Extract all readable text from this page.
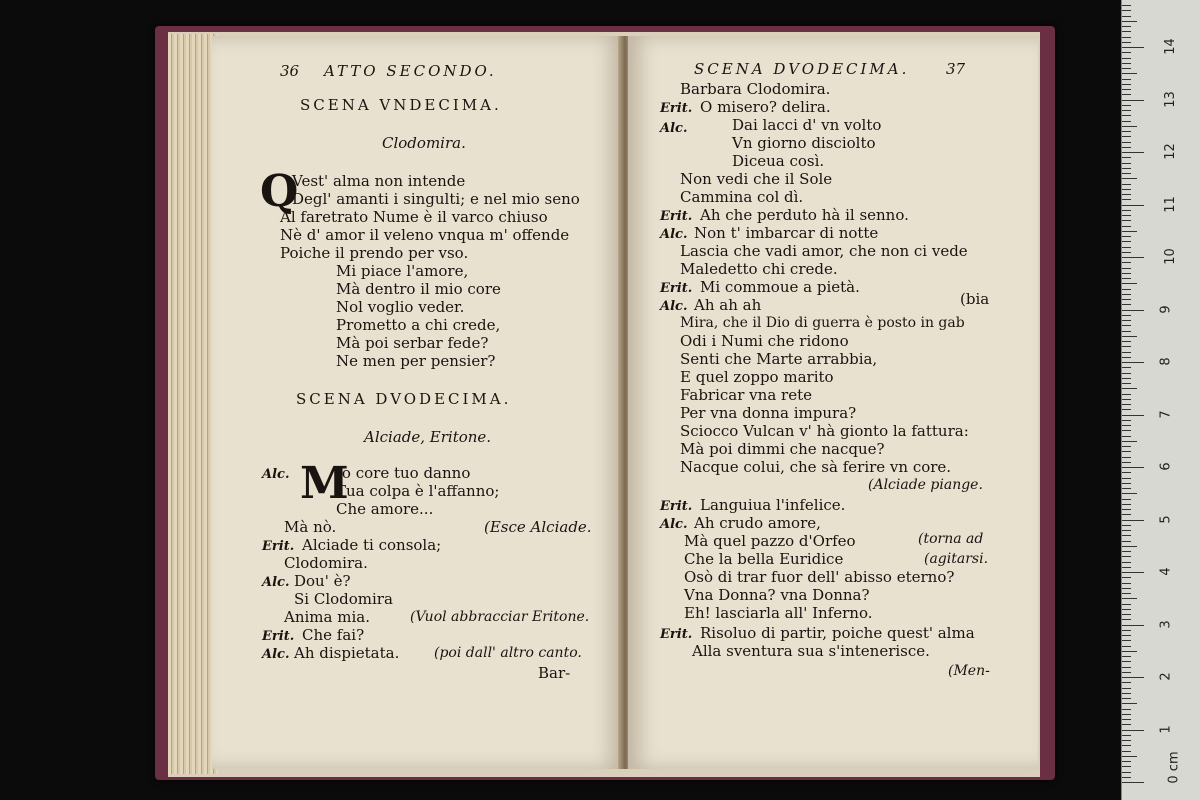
36 ATTO SECONDO.
SCENA VNDECIMA.
Clodomira.
Q
Vest' alma non intende
Degl' amanti i singulti; e nel mio seno
Al faretrato Nume è il varco chiuso
Nè d' amor il veleno vnqua m' offende
Poiche il prendo per vso.
Mi piace l'amore,
Mà dentro il mio core
Nol voglio veder.
Prometto a chi crede,
Mà poi serbar fede?
Ne men per pensier?
SCENA DVODECIMA.
Alciade, Eritone.
Alc. M
Io core tuo danno
Tua colpa è l'affanno;
Che amore...
Mà nò.	(Esce Alciade.
Erit. Alciade ti consola;
Clodomira.
Alc. Dou' è?
Si Clodomira
Anima mia.	(Vuol abbracciar Eritone.
Erit. Che fai?
Alc. Ah dispietata. (poi dall' altro canto.
Bar-
SCENA DVODECIMA. 37
Barbara Clodomira.
Erit. O misero? delira.
Alc.	Dai lacci d' vn volto
Vn giorno disciolto
Diceua così.
Non vedi che il Sole
Cammina col dì.
Erit. Ah che perduto hà il senno.
Alc. Non t' imbarcar di notte
Lascia che vadi amor, che non ci vede
Maledetto chi crede.
Erit. Mi commoue a pietà.
Alc. Ah ah ah	(bia
Mira, che il Dio di guerra è posto in gab
Odi i Numi che ridono
Senti che Marte arrabbia,
E quel zoppo marito
Fabricar vna rete
Per vna donna impura?
Sciocco Vulcan v' hà gionto la fattura:
Mà poi dimmi che nacque?
Nacque colui, che sà ferire vn core.
(Alciade piange.
Erit. Languiua l'infelice.
Alc. Ah crudo amore,
Mà quel pazzo d'Orfeo	(torna ad
Che la bella Euridice	(agitarsi.
Osò di trar fuor dell' abisso eterno?
Vna Donna? vna Donna?
Eh! lasciarla all' Inferno.
Erit. Risoluo di partir, poiche quest' alma
Alla sventura sua s'intenerisce.
(Men-
0 cm
1
2
3
4
5
6
7
8
9
10
11
12
13
14
